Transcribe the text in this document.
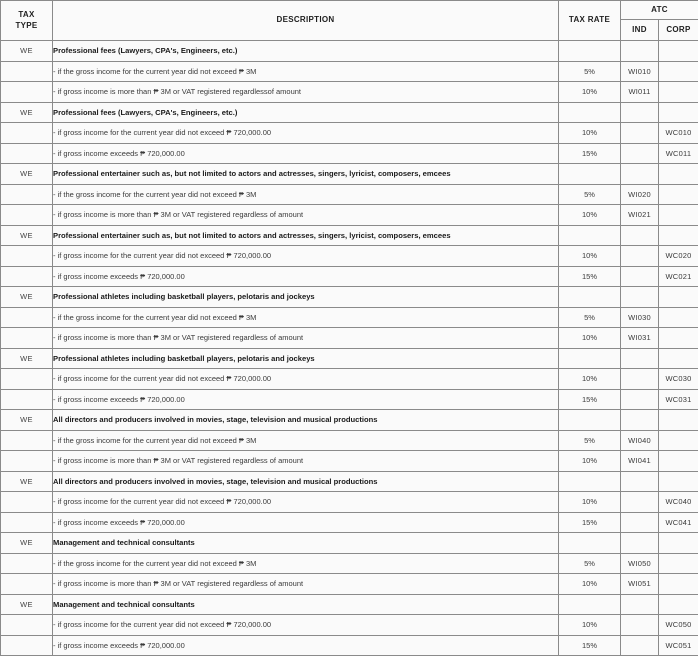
TAX
TYPE	DESCRIPTION	TAX RATE	ATC	
			IND	CORP
WE	Professional fees (Lawyers, CPA's, Engineers, etc.)			
	- if the gross income for the current year did not exceed ₱ 3M	5%	WI010	
	- if gross income is more than ₱ 3M or VAT registered regardlessof amount	10%	WI011	
WE	Professional fees (Lawyers, CPA's, Engineers, etc.)			
	- if gross income for the current year did not exceed ₱ 720,000.00	10%		WC010
	- if gross income exceeds ₱ 720,000.00	15%		WC011
WE	Professional entertainer such as, but not limited to actors and actresses, singers, lyricist, composers, emcees			
	- if the gross income for the current year did not exceed ₱ 3M	5%	WI020	
	- if gross income is more than ₱ 3M or VAT registered regardless of amount	10%	WI021	
WE	Professional entertainer such as, but not limited to actors and actresses, singers, lyricist, composers, emcees			
	- if gross income for the current year did not exceed ₱ 720,000.00	10%		WC020
	- if gross income exceeds ₱ 720,000.00	15%		WC021
WE	Professional athletes including basketball players, pelotaris and jockeys			
	- if the gross income for the current year did not exceed ₱ 3M	5%	WI030	
	- if gross income is more than ₱ 3M or VAT registered regardless of amount	10%	WI031	
WE	Professional athletes including basketball players, pelotaris and jockeys			
	- if gross income for the current year did not exceed ₱ 720,000.00	10%		WC030
	- if gross income exceeds ₱ 720,000.00	15%		WC031
WE	All directors and producers involved in movies, stage, television and musical productions			
	- if the gross income for the current year did not exceed ₱ 3M	5%	WI040	
	- if gross income is more than ₱ 3M or VAT registered regardless of amount	10%	WI041	
WE	All directors and producers involved in movies, stage, television and musical productions			
	- if gross income for the current year did not exceed ₱ 720,000.00	10%		WC040
	- if gross income exceeds ₱ 720,000.00	15%		WC041
WE	Management and technical consultants			
	- if the gross income for the current year did not exceed ₱ 3M	5%	WI050	
	- if gross income is more than ₱ 3M or VAT registered regardless of amount	10%	WI051	
WE	Management and technical consultants			
	- if gross income for the current year did not exceed ₱ 720,000.00	10%		WC050
	- if gross income exceeds ₱ 720,000.00	15%		WC051
